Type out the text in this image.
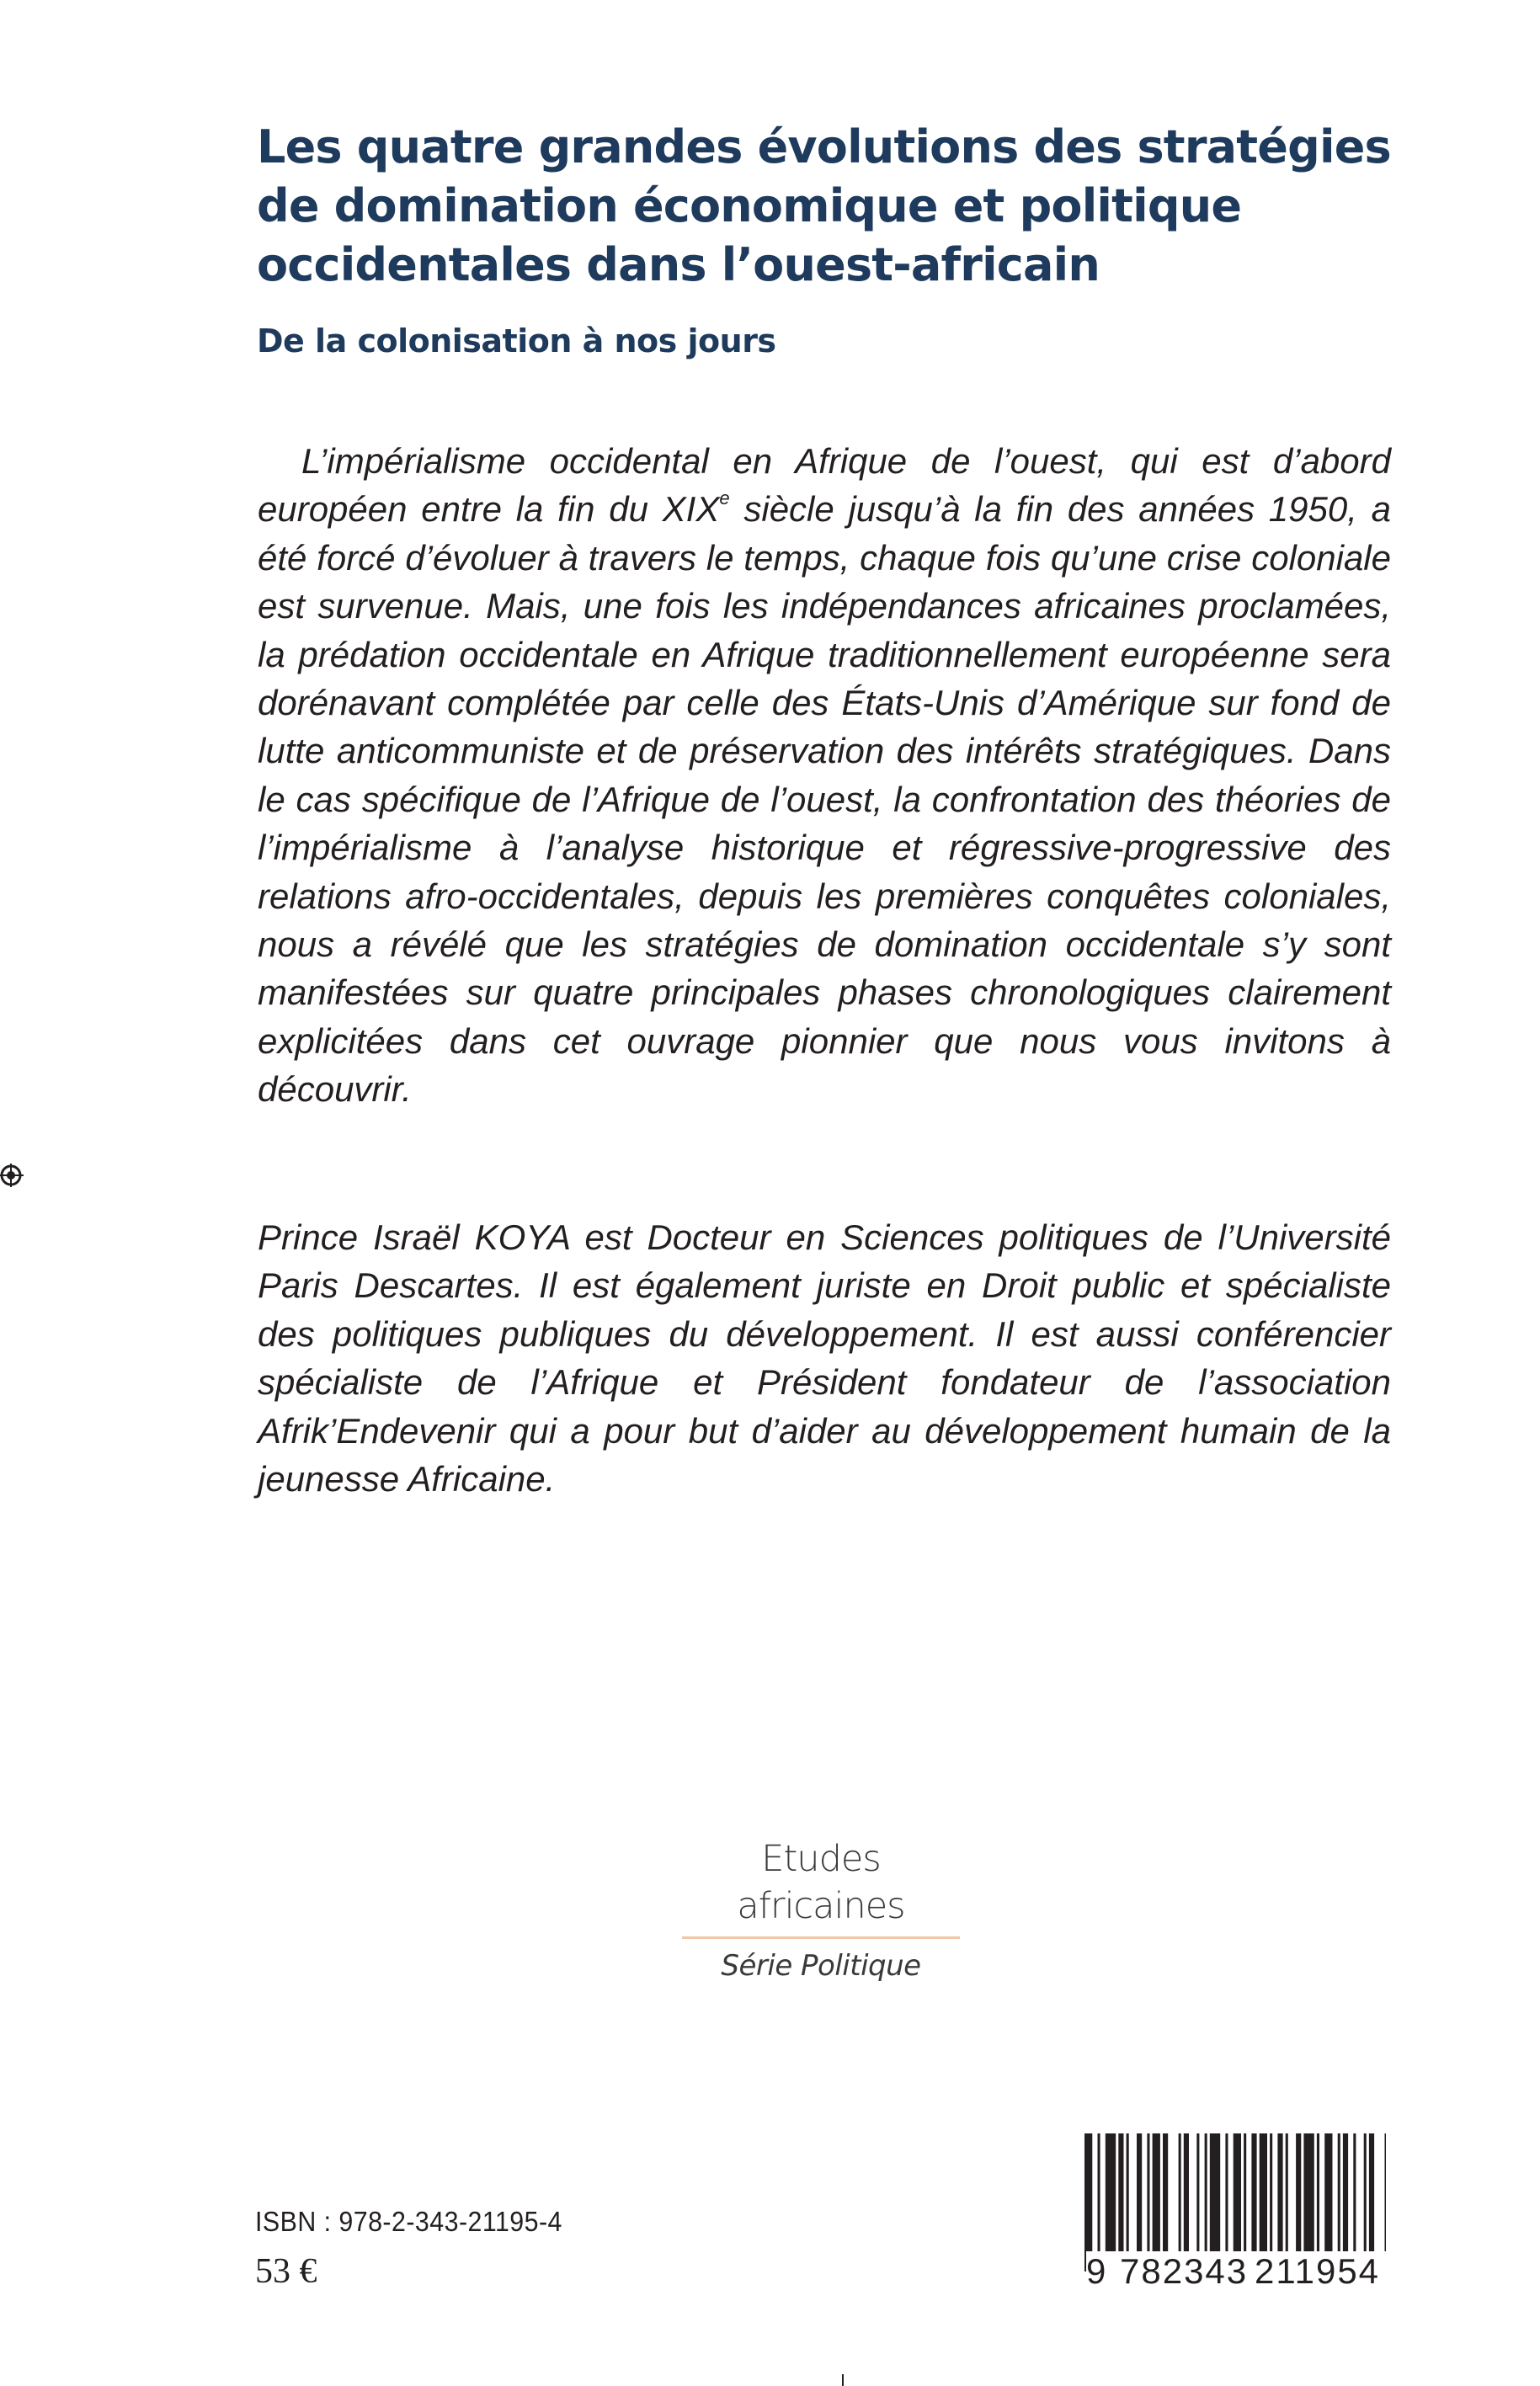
Les quatre grandes évolutions des stratégies
de domination économique et politique
occidentales dans l’ouest-africain
De la colonisation à nos jours

L’impérialisme occidental en Afrique de l’ouest, qui est d’abord européen entre la fin du XIXe siècle jusqu’à la fin des années 1950, a été forcé d’évoluer à travers le temps, chaque fois qu’une crise coloniale est survenue. Mais, une fois les indépendances africaines proclamées, la prédation occidentale en Afrique traditionnellement européenne sera dorénavant complétée par celle des États-Unis d’Amérique sur fond de lutte anticommuniste et de préservation des intérêts stratégiques. Dans le cas spécifique de l’Afrique de l’ouest, la confrontation des théories de l’impérialisme à l’analyse historique et régressive-progressive des relations afro-occidentales, depuis les premières conquêtes coloniales, nous a révélé que les stratégies de domination occidentale s’y sont manifestées sur quatre principales phases chronologiques clairement explicitées dans cet ouvrage pionnier que nous vous invitons à découvrir.

Prince Israël KOYA est Docteur en Sciences politiques de l’Université Paris Descartes. Il est également juriste en Droit public et spécialiste des politiques publiques du développement. Il est aussi conférencier spécialiste de l’Afrique et Président fondateur de l’association Afrik’Endevenir qui a pour but d’aider au développement humain de la jeunesse Africaine.

Etudes africaines
Série Politique
ISBN : 978-2-343-21195-4
53 €	9 782343 211954
